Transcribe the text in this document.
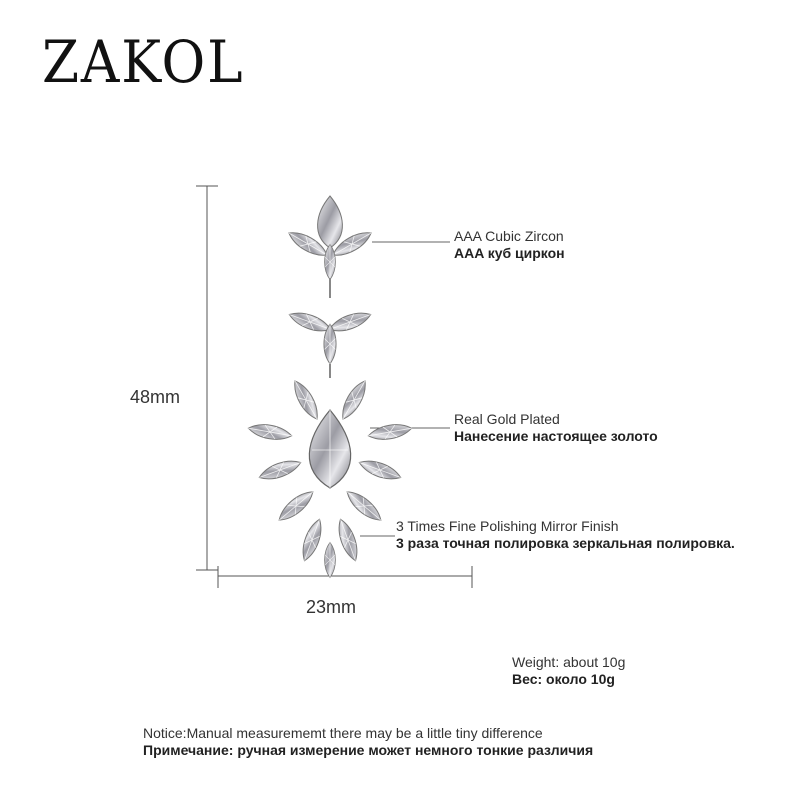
ZAKOL
48mm
23mm
AAA Cubic Zircon
AAA куб циркон
Real Gold Plated
Нанесение настоящее золото
3 Times Fine Polishing Mirror Finish
3 раза точная полировка зеркальная полировка.
Weight: about 10g
Вес: около 10g
Notice:Manual measurememt there may be a little tiny difference
Примечание: ручная измерение может немного тонкие различия
